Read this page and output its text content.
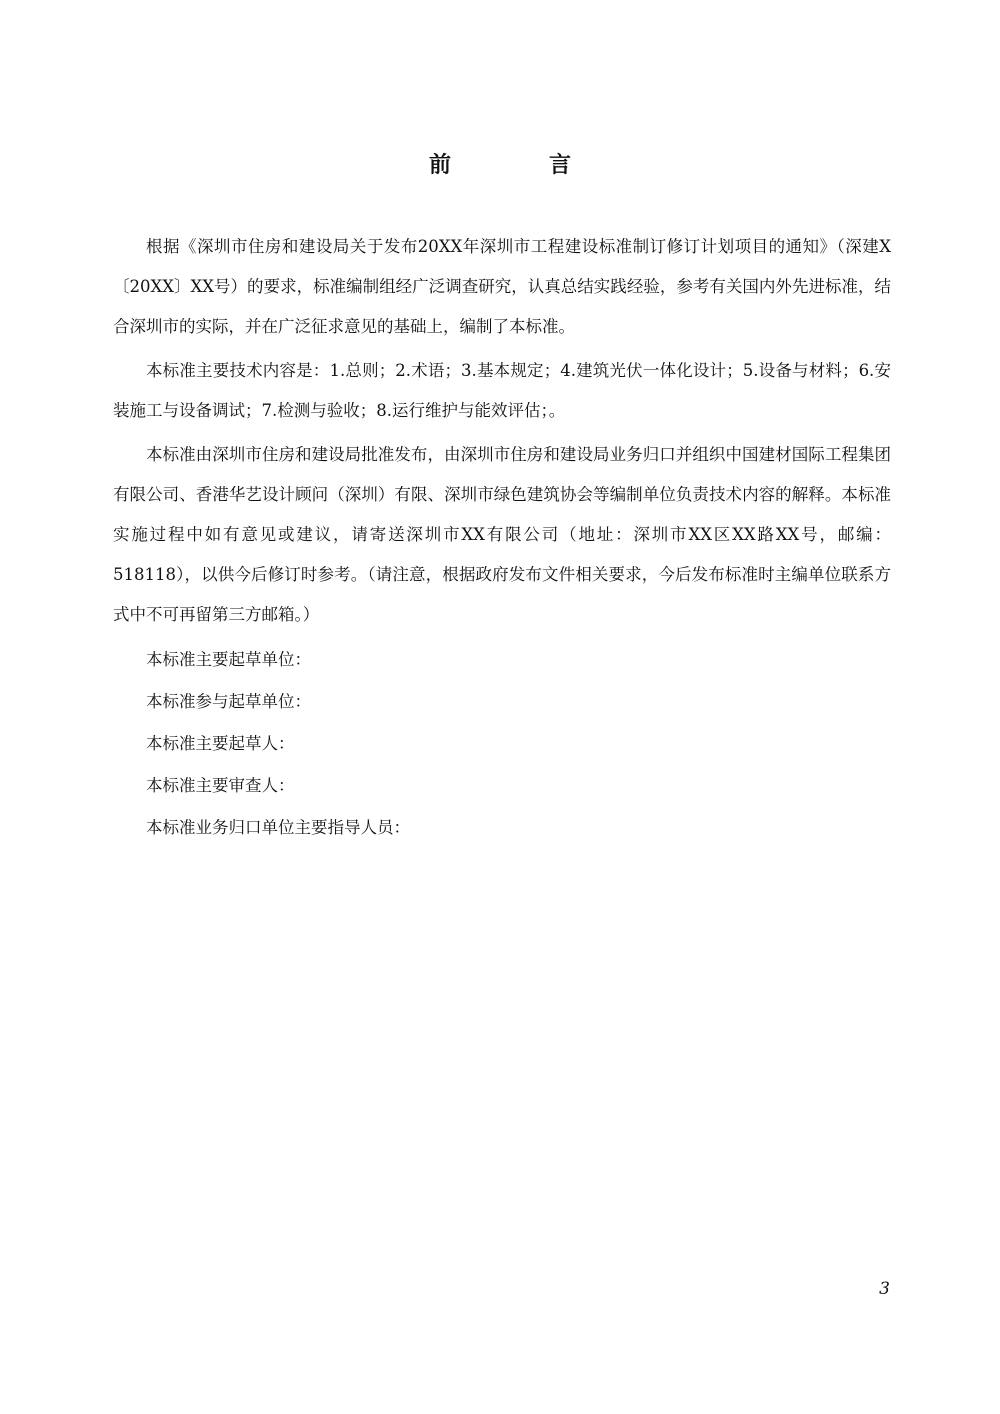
前　言

根据《深圳市住房和建设局关于发布20XX年深圳市工程建设标准制订修订计划项目的通知》（深建X〔20XX〕XX号）的要求，标准编制组经广泛调查研究，认真总结实践经验，参考有关国内外先进标准，结合深圳市的实际，并在广泛征求意见的基础上，编制了本标准。

本标准主要技术内容是：1.总则；2.术语；3.基本规定；4.建筑光伏一体化设计；5.设备与材料；6.安装施工与设备调试；7.检测与验收；8.运行维护与能效评估；。

本标准由深圳市住房和建设局批准发布，由深圳市住房和建设局业务归口并组织中国建材国际工程集团有限公司、香港华艺设计顾问（深圳）有限、深圳市绿色建筑协会等编制单位负责技术内容的解释。本标准实施过程中如有意见或建议，请寄送深圳市XX有限公司（地址：深圳市XX区XX路XX号，邮编：518118），以供今后修订时参考。（请注意，根据政府发布文件相关要求，今后发布标准时主编单位联系方式中不可再留第三方邮箱。）

本标准主要起草单位：

本标准参与起草单位：

本标准主要起草人：

本标准主要审查人：

本标准业务归口单位主要指导人员：

3
